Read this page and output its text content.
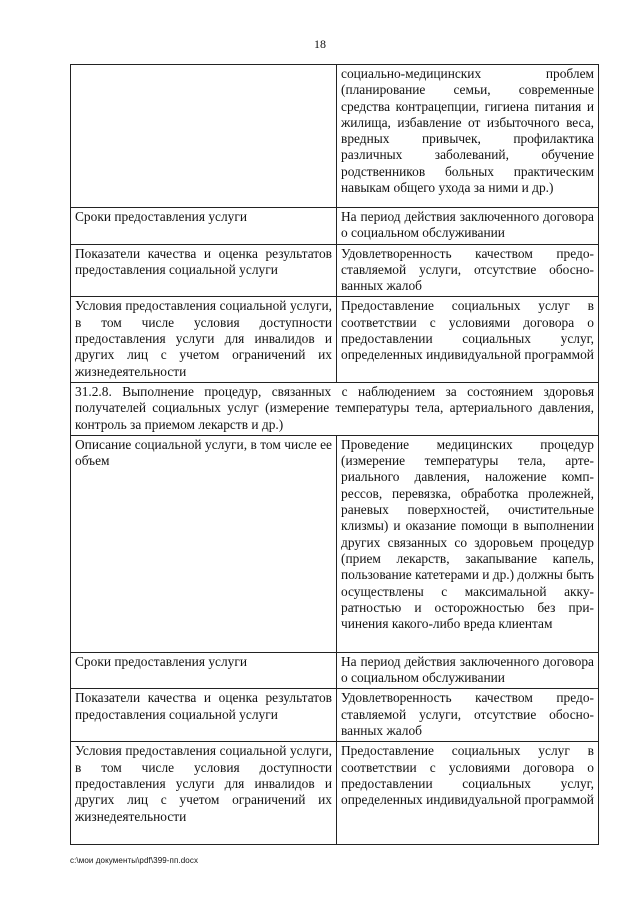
18
	социально-медицинских проблем (планирование семьи, современные средства контрацепции, гигиена питания и жилища, избавление от избыточного веса, вредных привычек, профилактика различных заболеваний, обучение родственников больных практическим навыкам общего ухода за ними и др.)
Сроки предоставления услуги	На период действия заключенного договора о социальном обслуживании
Показатели качества и оценка результатов предоставления социальной услуги	Удовлетворенность качеством предоставляемой услуги, отсутствие обоснованных жалоб
Условия предоставления социальной услуги, в том числе условия доступности предоставления услуги для инвалидов и других лиц с учетом ограничений их жизнедеятельности	Предоставление социальных услуг в соответствии с условиями договора о предоставлении социальных услуг, определенных индивидуальной программой
31.2.8. Выполнение процедур, связанных с наблюдением за состоянием здоровья получателей социальных услуг (измерение температуры тела, артериального давления, контроль за приемом лекарств и др.)	
Описание социальной услуги, в том числе ее объем	Проведение медицинских процедур (измерение температуры тела, артериального давления, наложение компрессов, перевязка, обработка пролежней, раневых поверхностей, очистительные клизмы) и оказание помощи в выполнении других связанных со здоровьем процедур (прием лекарств, закапывание капель, пользование катетерами и др.) должны быть осуществлены с максимальной аккуратностью и осторожностью без причинения какого-либо вреда клиентам
Сроки предоставления услуги	На период действия заключенного договора о социальном обслуживании
Показатели качества и оценка результатов предоставления социальной услуги	Удовлетворенность качеством предоставляемой услуги, отсутствие обоснованных жалоб
Условия предоставления социальной услуги, в том числе условия доступности предоставления услуги для инвалидов и других лиц с учетом ограничений их жизнедеятельности	Предоставление социальных услуг в соответствии с условиями договора о предоставлении социальных услуг, определенных индивидуальной программой
c:\мои документы\pdf\399-пп.docx
